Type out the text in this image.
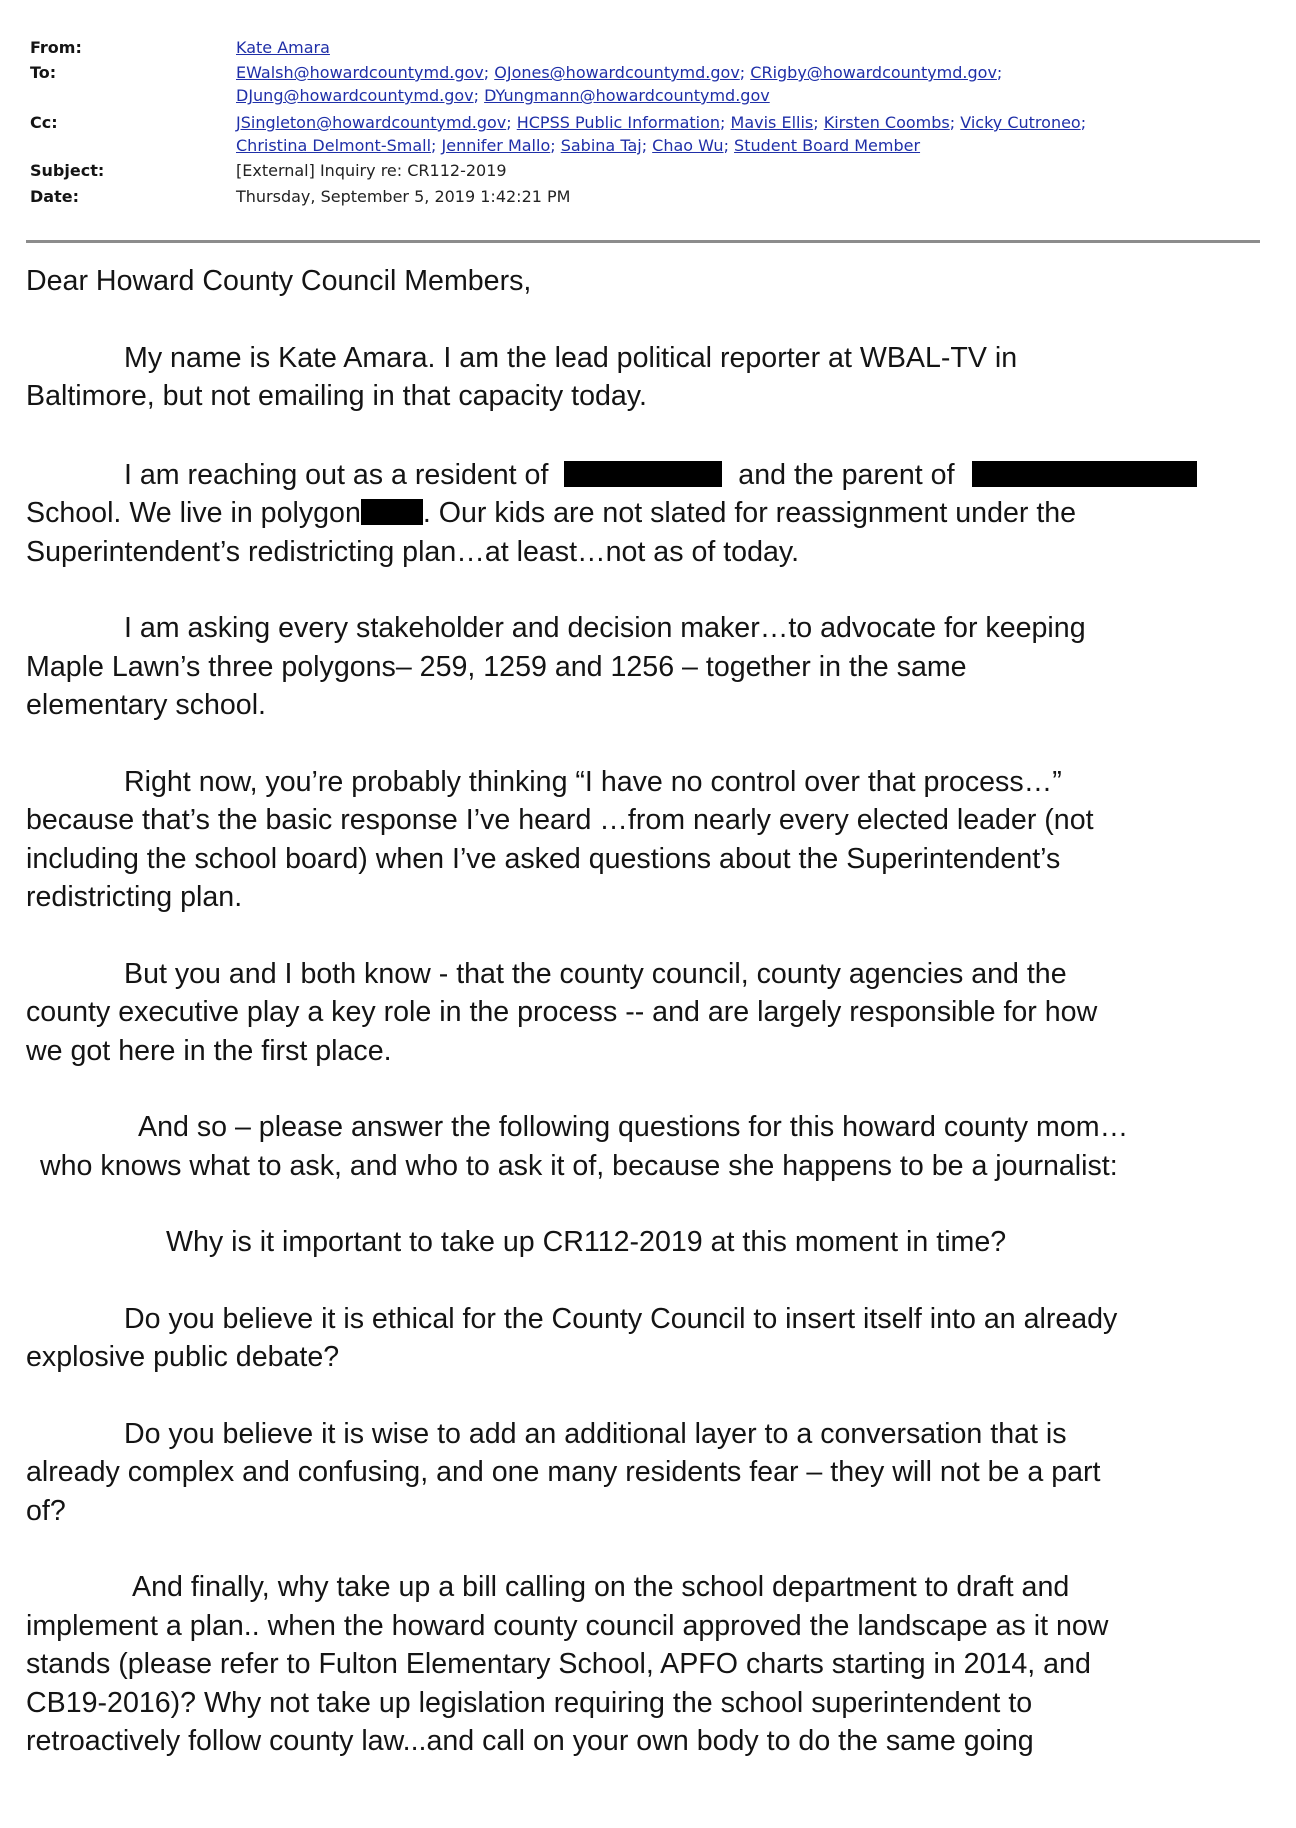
From:	Kate Amara
To:	EWalsh@howardcountymd.gov; OJones@howardcountymd.gov; CRigby@howardcountymd.gov;
DJung@howardcountymd.gov; DYungmann@howardcountymd.gov
Cc:	JSingleton@howardcountymd.gov; HCPSS Public Information; Mavis Ellis; Kirsten Coombs; Vicky Cutroneo;
Christina Delmont-Small; Jennifer Mallo; Sabina Taj; Chao Wu; Student Board Member
Subject:	[External] Inquiry re: CR112-2019
Date:	Thursday, September 5, 2019 1:42:21 PM

Dear Howard County Council Members,

My name is Kate Amara. I am the lead political reporter at WBAL-TV in

Baltimore, but not emailing in that capacity today.

I am reaching out as a resident of	and the parent of

School. We live in polygon . Our kids are not slated for reassignment under the

Superintendent’s redistricting plan…at least…not as of today.

I am asking every stakeholder and decision maker…to advocate for keeping

Maple Lawn’s three polygons– 259, 1259 and 1256 – together in the same

elementary school.

Right now, you’re probably thinking “I have no control over that process…”

because that’s the basic response I’ve heard …from nearly every elected leader (not

including the school board) when I’ve asked questions about the Superintendent’s

redistricting plan.

But you and I both know - that the county council, county agencies and the

county executive play a key role in the process -- and are largely responsible for how

we got here in the first place.

And so – please answer the following questions for this howard county mom…

who knows what to ask, and who to ask it of, because she happens to be a journalist:

Why is it important to take up CR112-2019 at this moment in time?

Do you believe it is ethical for the County Council to insert itself into an already

explosive public debate?

Do you believe it is wise to add an additional layer to a conversation that is

already complex and confusing, and one many residents fear – they will not be a part

of?

And finally, why take up a bill calling on the school department to draft and

implement a plan.. when the howard county council approved the landscape as it now

stands (please refer to Fulton Elementary School, APFO charts starting in 2014, and

CB19-2016)? Why not take up legislation requiring the school superintendent to

retroactively follow county law...and call on your own body to do the same going
